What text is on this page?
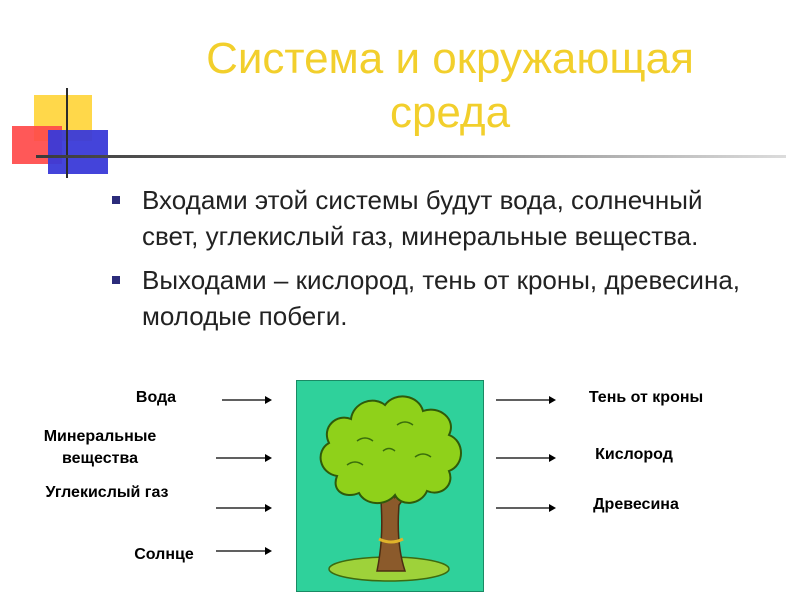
Система и окружающая среда
Входами этой системы будут вода, солнечный свет, углекислый газ, минеральные вещества.
Выходами – кислород, тень от кроны, древесина, молодые побеги.
Вода
Минеральные вещества
Углекислый газ
Солнце
Тень от кроны
Кислород
Древесина
